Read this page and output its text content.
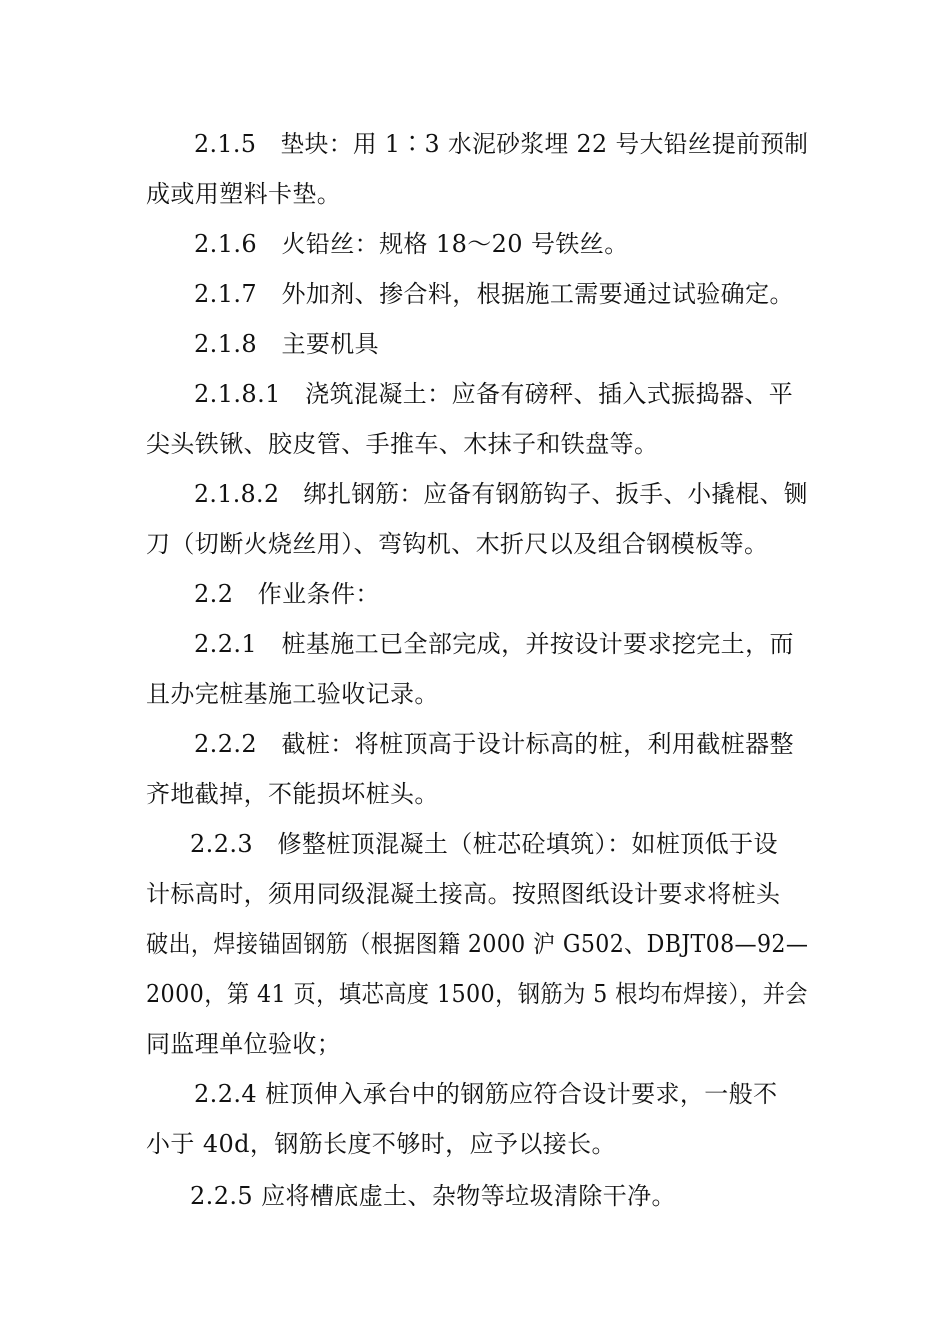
2.1.5　垫块：用 1∶3 水泥砂浆埋 22 号大铅丝提前预制
成或用塑料卡垫。
2.1.6　火铅丝：规格 18～20 号铁丝。
2.1.7　外加剂、掺合料，根据施工需要通过试验确定。
2.1.8　主要机具
2.1.8.1　浇筑混凝土：应备有磅秤、插入式振捣器、平
尖头铁锹、胶皮管、手推车、木抹子和铁盘等。
2.1.8.2　绑扎钢筋：应备有钢筋钩子、扳手、小撬棍、铡
刀（切断火烧丝用）、弯钩机、木折尺以及组合钢模板等。
2.2　作业条件：
2.2.1　桩基施工已全部完成，并按设计要求挖完土，而
且办完桩基施工验收记录。
2.2.2　截桩：将桩顶高于设计标高的桩，利用截桩器整
齐地截掉，不能损坏桩头。
2.2.3　修整桩顶混凝土（桩芯砼填筑）：如桩顶低于设
计标高时，须用同级混凝土接高。按照图纸设计要求将桩头
破出，焊接锚固钢筋（根据图籍 2000 沪 G502、DBJT08—92—
2000，第 41 页，填芯高度 1500，钢筋为 5 根均布焊接），并会
同监理单位验收；
2.2.4 桩顶伸入承台中的钢筋应符合设计要求，一般不
小于 40d，钢筋长度不够时，应予以接长。
2.2.5 应将槽底虚土、杂物等垃圾清除干净。
